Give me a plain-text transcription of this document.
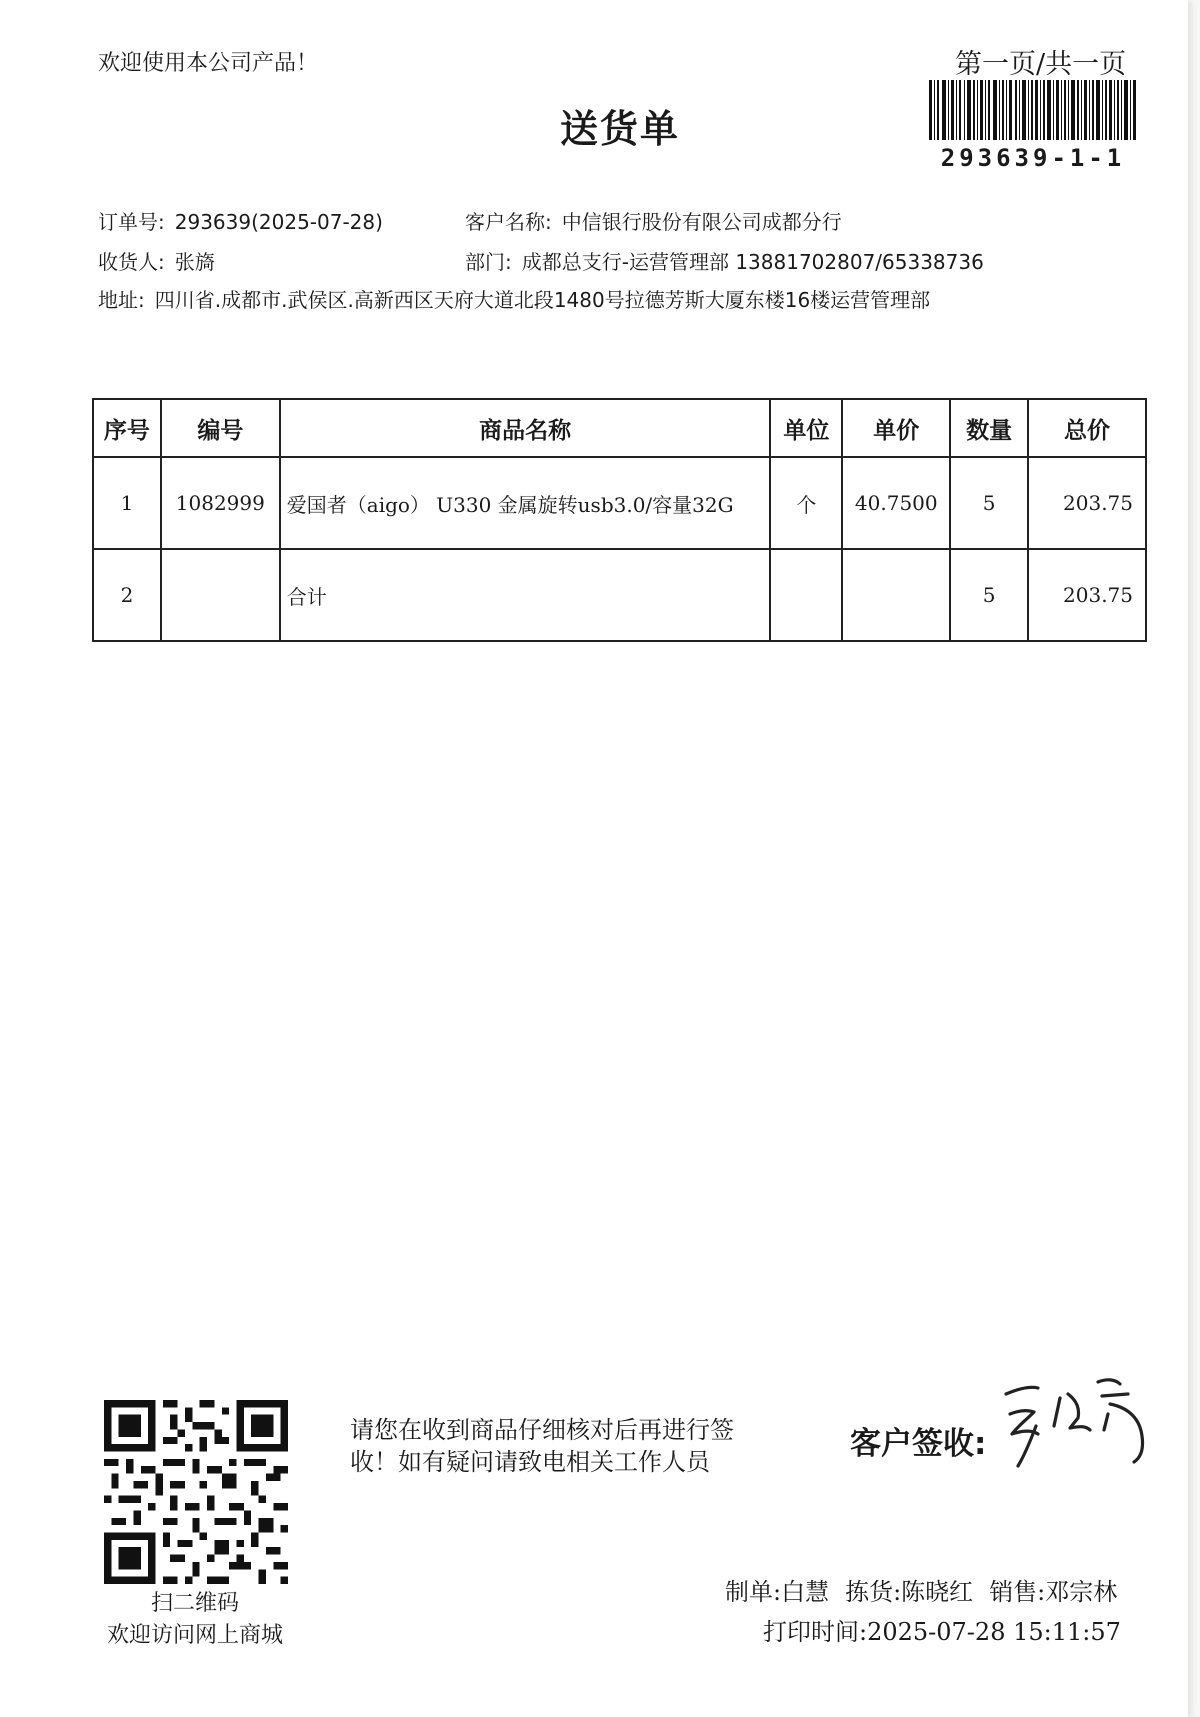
欢迎使用本公司产品！	第一页/共一页
送货单
293639-1-1
订单号: 293639(2025-07-28)	客户名称: 中信银行股份有限公司成都分行
收货人: 张旖	部门: 成都总支行-运营管理部 13881702807/65338736
地址: 四川省.成都市.武侯区.高新西区天府大道北段1480号拉德芳斯大厦东楼16楼运营管理部
序号	编号	商品名称	单位	单价	数量	总价
1	1082999	爱国者（aigo） U330 金属旋转usb3.0/容量32G	个	40.7500	5	203.75
2		合计			5	203.75
扫二维码
欢迎访问网上商城
请您在收到商品仔细核对后再进行签收！如有疑问请致电相关工作人员	客户签收:
制单:白慧 拣货:陈晓红 销售:邓宗林
打印时间:2025-07-28 15:11:57
